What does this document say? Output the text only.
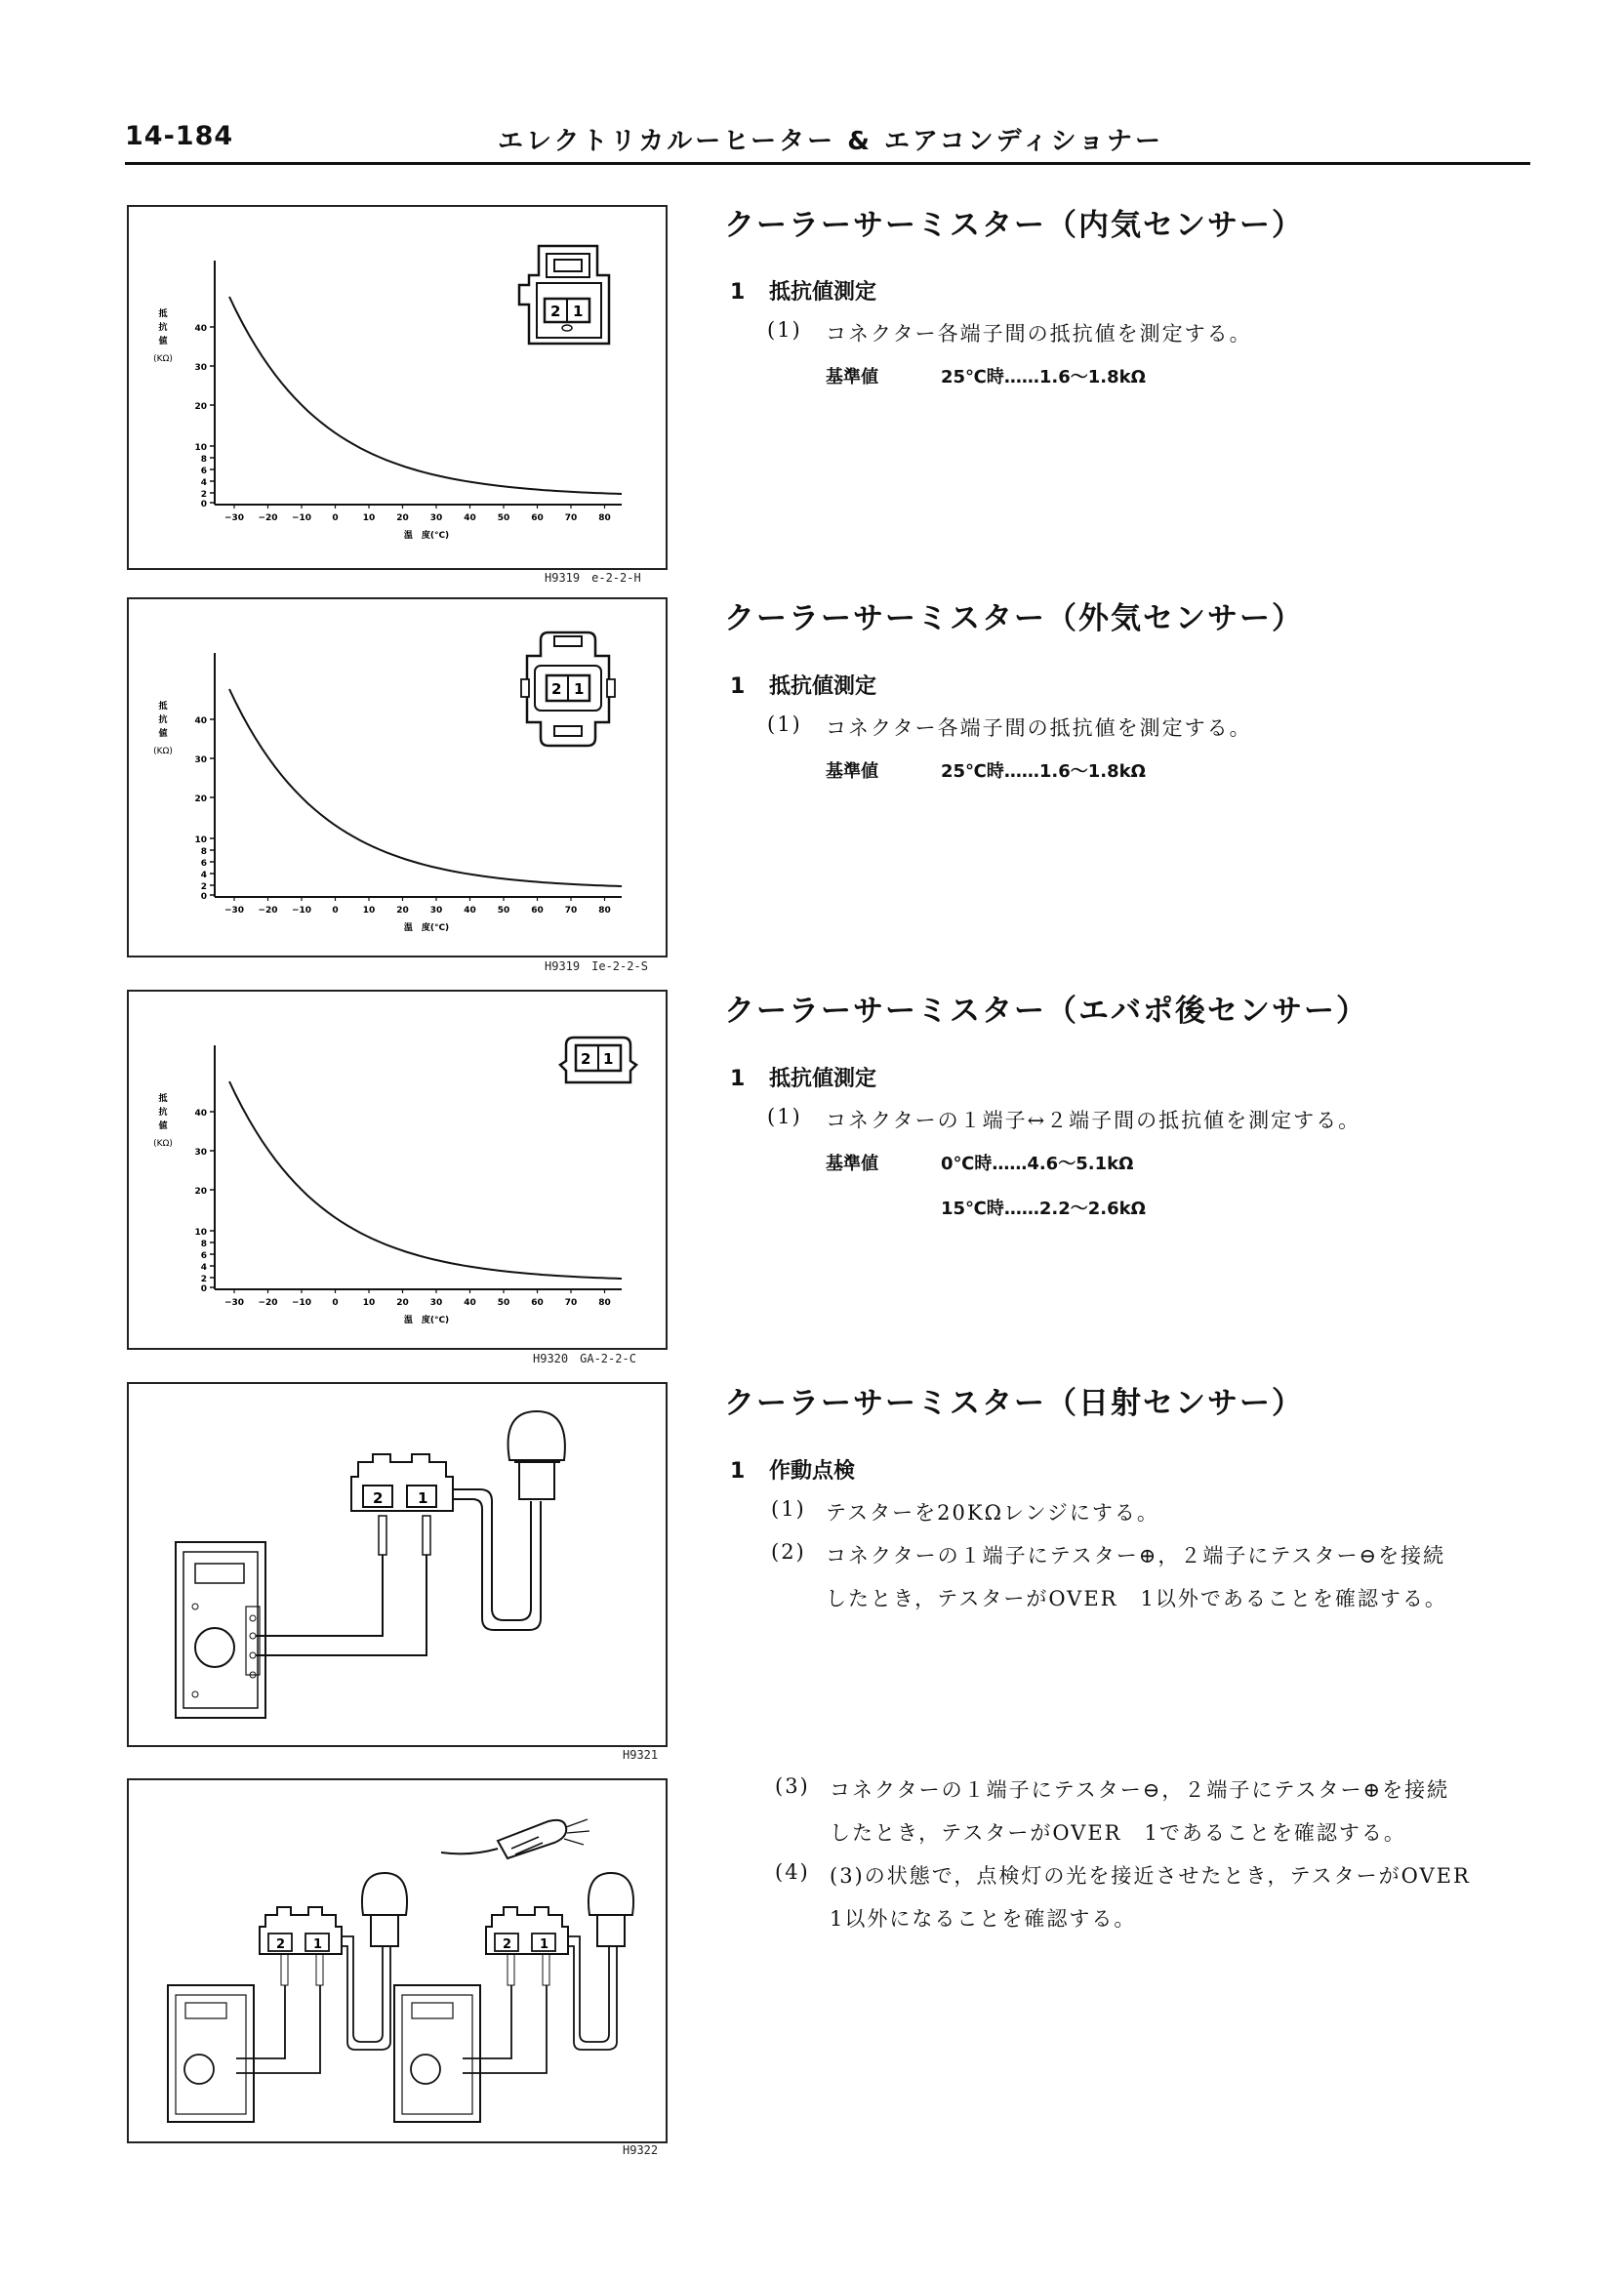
14-184	エレクトリカルーヒーター & エアコンディショナー
40
30
20
10
8
6
4
2
0
抵
抗
値
(KΩ)
−30 −20 −10 0	10 20 30 40 50 60 70 80
温　度(°C)
2 1
H9319　e-2-2-H
40
30
20
10
8
6
4
2
0
抵
抗
値
(KΩ)
−30 −20 −10 0	10 20 30 40 50 60 70 80
温　度(°C)
2 1
H9319　Ie-2-2-S
40
30
20
10
8
6
4
2
0
抵
抗
値
(KΩ)
−30 −20 −10 0	10 20 30 40 50 60 70 80
温　度(°C)
2 1
H9320　GA-2-2-C
2 1
H9321
2 1	2 1
H9322
クーラーサーミスター（内気センサー）
1 抵抗値測定
(1) コネクター各端子間の抵抗値を測定する。
基準値	25℃時……1.6〜1.8kΩ
クーラーサーミスター（外気センサー）
1 抵抗値測定
(1) コネクター各端子間の抵抗値を測定する。
基準値	25℃時……1.6〜1.8kΩ
クーラーサーミスター（エバポ後センサー）
1 抵抗値測定
(1) コネクターの１端子↔２端子間の抵抗値を測定する。
基準値	0℃時……4.6〜5.1kΩ
15℃時……2.2〜2.6kΩ
クーラーサーミスター（日射センサー）
1 作動点検
(1) テスターを20KΩレンジにする。
(2) コネクターの１端子にテスター⊕，２端子にテスター⊖を接続
したとき，テスターがOVER　1以外であることを確認する。
(3) コネクターの１端子にテスター⊖，２端子にテスター⊕を接続
したとき，テスターがOVER　1であることを確認する。
(4) (3)の状態で，点検灯の光を接近させたとき，テスターがOVER
1以外になることを確認する。
